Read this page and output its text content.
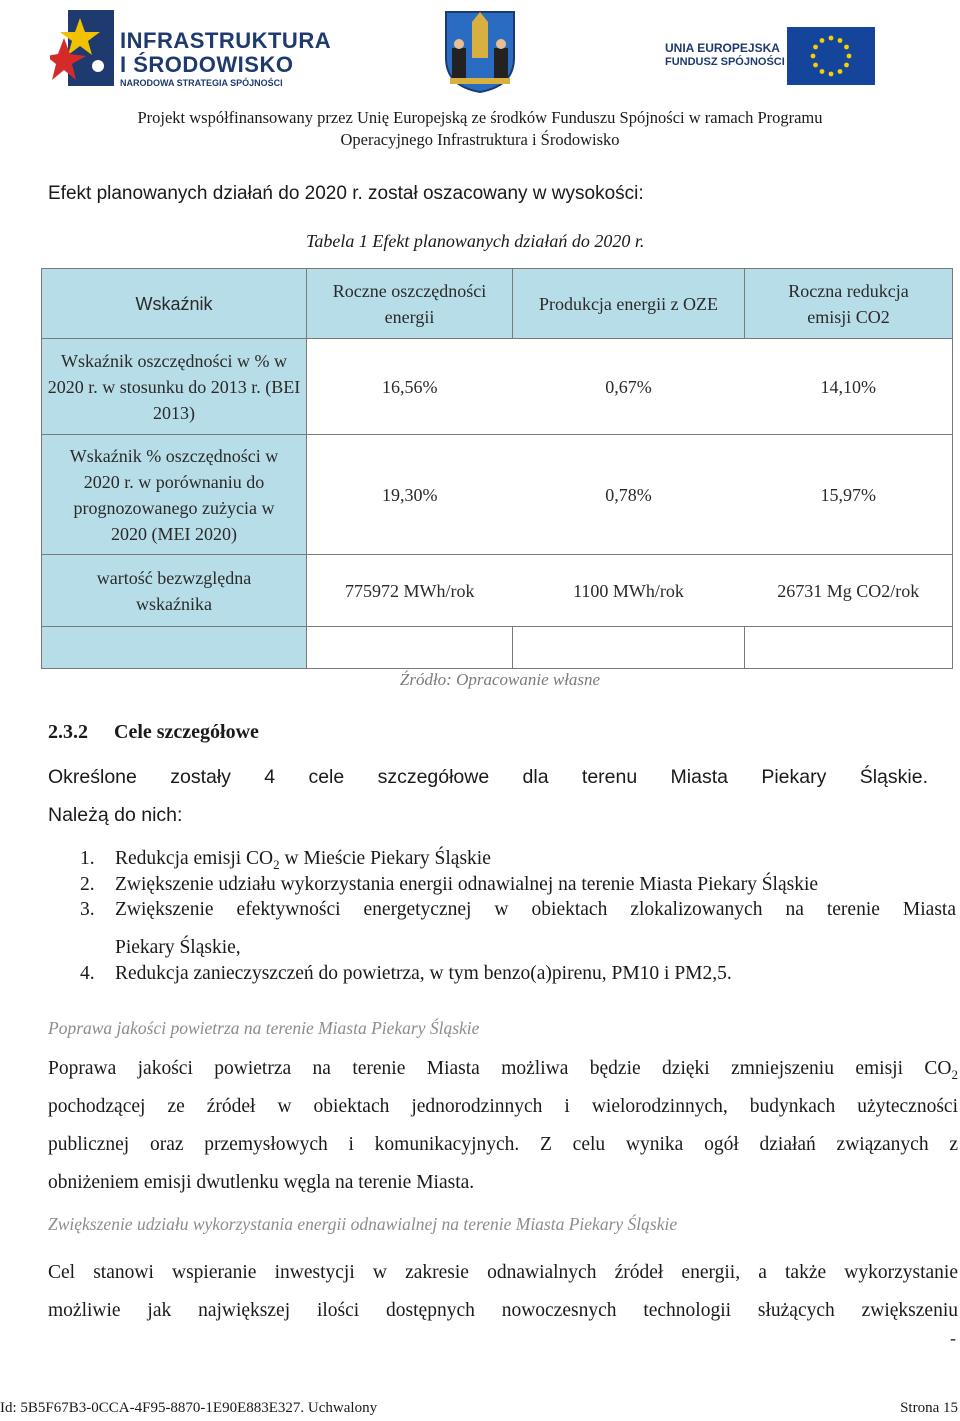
INFRASTRUKTURA
I ŚRODOWISKO
NARODOWA STRATEGIA SPÓJNOŚCI
UNIA EUROPEJSKA
FUNDUSZ SPÓJNOŚCI
Projekt współfinansowany przez Unię Europejską ze środków Funduszu Spójności w ramach Programu
Operacyjnego Infrastruktura i Środowisko
Efekt planowanych działań do 2020 r. został oszacowany w wysokości:
Tabela 1 Efekt planowanych działań do 2020 r.
Wskaźnik	Roczne oszczędności energii	Produkcja energii z OZE	Roczna redukcja emisji CO2

Wskaźnik oszczędności w % w 2020 r. w stosunku do 2013 r. (BEI 2013)	16,56%	0,67%	14,10%

Wskaźnik % oszczędności w 2020 r. w porównaniu do prognozowanego zużycia w 2020 (MEI 2020)	19,30%	0,78%	15,97%

wartość bezwzględna wskaźnika	775972 MWh/rok	1100 MWh/rok	26731 Mg CO2/rok

Źródło: Opracowanie własne
2.3.2 Cele szczegółowe
Określone zostały 4 cele szczegółowe dla terenu Miasta Piekary Śląskie.
Należą do nich:
1. Redukcja emisji $CO_2$ w Mieście Piekary Śląskie
2. Zwiększenie udziału wykorzystania energii odnawialnej na terenie Miasta Piekary Śląskie
3. Zwiększenie efektywności energetycznej w obiektach zlokalizowanych na terenie Miasta
Piekary Śląskie,
4. Redukcja zanieczyszczeń do powietrza, w tym benzo(a)pirenu, PM10 i PM2,5.
Poprawa jakości powietrza na terenie Miasta Piekary Śląskie
Poprawa jakości powietrza na terenie Miasta możliwa będzie dzięki zmniejszeniu emisji $CO_2$
pochodzącej ze źródeł w obiektach jednorodzinnych i wielorodzinnych, budynkach użyteczności
publicznej oraz przemysłowych i komunikacyjnych. Z celu wynika ogół działań związanych z
obniżeniem emisji dwutlenku węgla na terenie Miasta.
Zwiększenie udziału wykorzystania energii odnawialnej na terenie Miasta Piekary Śląskie
Cel stanowi wspieranie inwestycji w zakresie odnawialnych źródeł energii, a także wykorzystanie
możliwie jak największej ilości dostępnych nowoczesnych technologii służących zwiększeniu
-
Id: 5B5F67B3-0CCA-4F95-8870-1E90E883E327. Uchwalony	Strona 15
